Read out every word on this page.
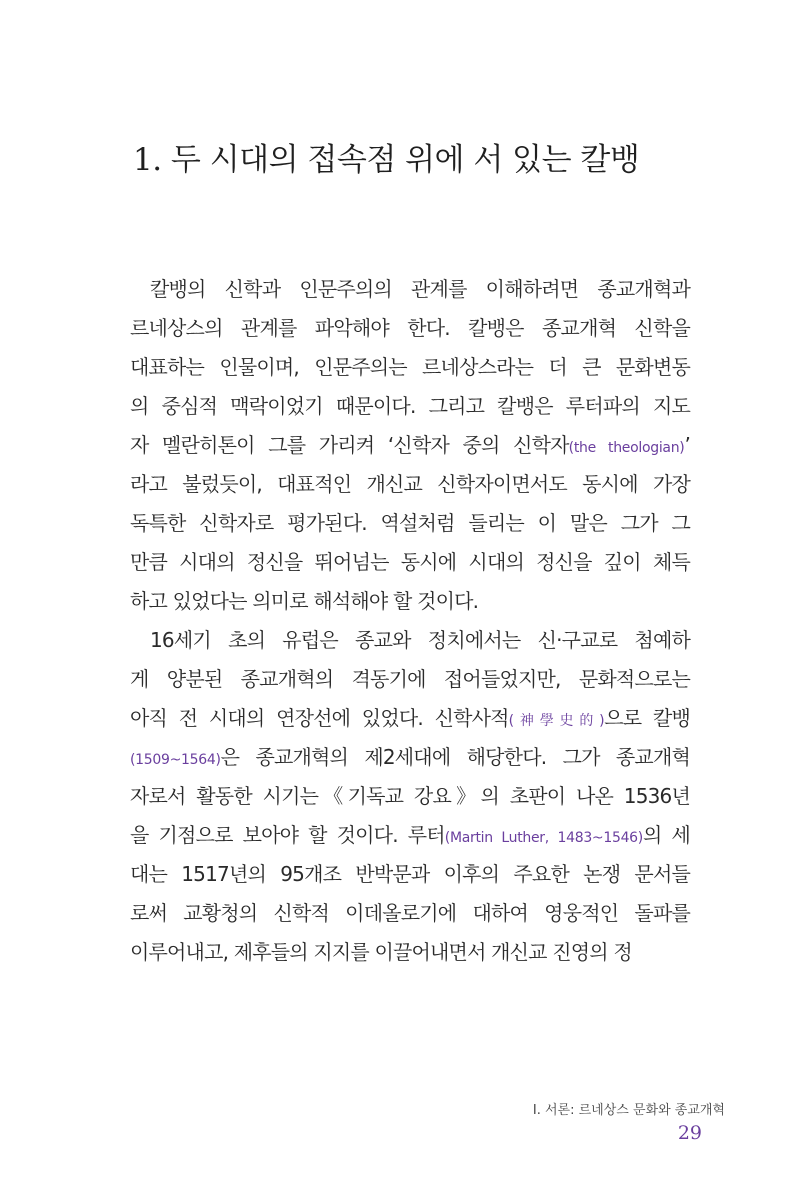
1. 두 시대의 접속점 위에 서 있는 칼뱅
칼뱅의 신학과 인문주의의 관계를 이해하려면 종교개혁과
르네상스의 관계를 파악해야 한다. 칼뱅은 종교개혁 신학을
대표하는 인물이며, 인문주의는 르네상스라는 더 큰 문화변동
의 중심적 맥락이었기 때문이다. 그리고 칼뱅은 루터파의 지도
자 멜란히톤이 그를 가리켜 ‘신학자 중의 신학자(the theologian)’
라고 불렀듯이, 대표적인 개신교 신학자이면서도 동시에 가장
독특한 신학자로 평가된다. 역설처럼 들리는 이 말은 그가 그
만큼 시대의 정신을 뛰어넘는 동시에 시대의 정신을 깊이 체득
하고 있었다는 의미로 해석해야 할 것이다.
16세기 초의 유럽은 종교와 정치에서는 신·구교로 첨예하
게 양분된 종교개혁의 격동기에 접어들었지만, 문화적으로는
아직 전 시대의 연장선에 있었다. 신학사적(神學史的)으로 칼뱅
(1509~1564)은 종교개혁의 제2세대에 해당한다. 그가 종교개혁
자로서 활동한 시기는《기독교 강요》의 초판이 나온 1536년
을 기점으로 보아야 할 것이다. 루터(Martin Luther, 1483~1546)의 세
대는 1517년의 95개조 반박문과 이후의 주요한 논쟁 문서들
로써 교황청의 신학적 이데올로기에 대하여 영웅적인 돌파를
이루어내고, 제후들의 지지를 이끌어내면서 개신교 진영의 정
I. 서론: 르네상스 문화와 종교개혁
29
